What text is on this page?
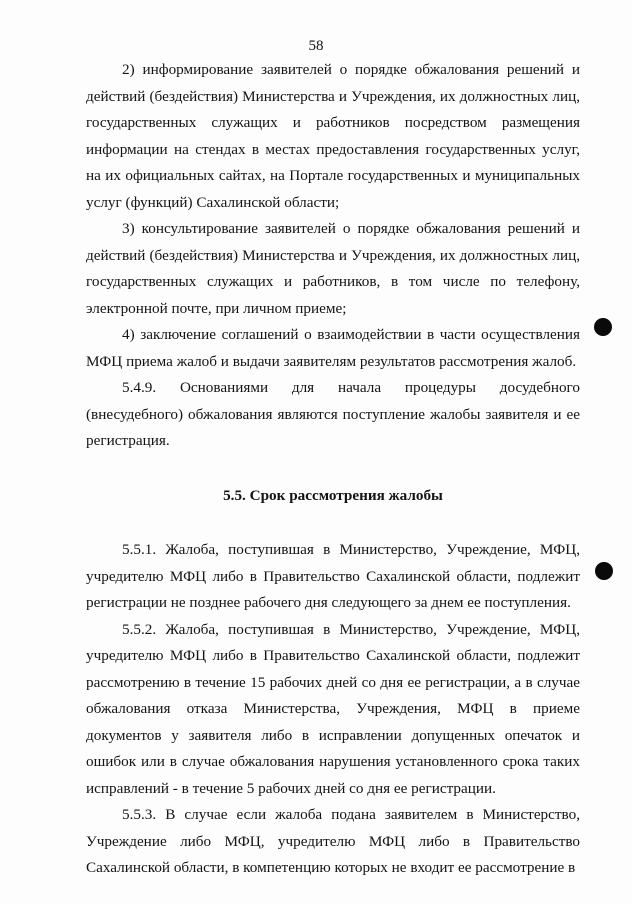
58

2) информирование заявителей о порядке обжалования решений и действий (бездействия) Министерства и Учреждения, их должностных лиц, государственных служащих и работников посредством размещения информации на стендах в местах предоставления государственных услуг, на их официальных сайтах, на Портале государственных и муниципальных услуг (функций) Сахалинской области;

3) консультирование заявителей о порядке обжалования решений и действий (бездействия) Министерства и Учреждения, их должностных лиц, государственных служащих и работников, в том числе по телефону, электронной почте, при личном приеме;

4) заключение соглашений о взаимодействии в части осуществления МФЦ приема жалоб и выдачи заявителям результатов рассмотрения жалоб.

5.4.9. Основаниями для начала процедуры досудебного (внесудебного) обжалования являются поступление жалобы заявителя и ее регистрация.

5.5. Срок рассмотрения жалобы

5.5.1. Жалоба, поступившая в Министерство, Учреждение, МФЦ, учредителю МФЦ либо в Правительство Сахалинской области, подлежит регистрации не позднее рабочего дня следующего за днем ее поступления.

5.5.2. Жалоба, поступившая в Министерство, Учреждение, МФЦ, учредителю МФЦ либо в Правительство Сахалинской области, подлежит рассмотрению в течение 15 рабочих дней со дня ее регистрации, а в случае обжалования отказа Министерства, Учреждения, МФЦ в приеме документов у заявителя либо в исправлении допущенных опечаток и ошибок или в случае обжалования нарушения установленного срока таких исправлений - в течение 5 рабочих дней со дня ее регистрации.

5.5.3. В случае если жалоба подана заявителем в Министерство, Учреждение либо МФЦ, учредителю МФЦ либо в Правительство Сахалинской области, в компетенцию которых не входит ее рассмотрение в
